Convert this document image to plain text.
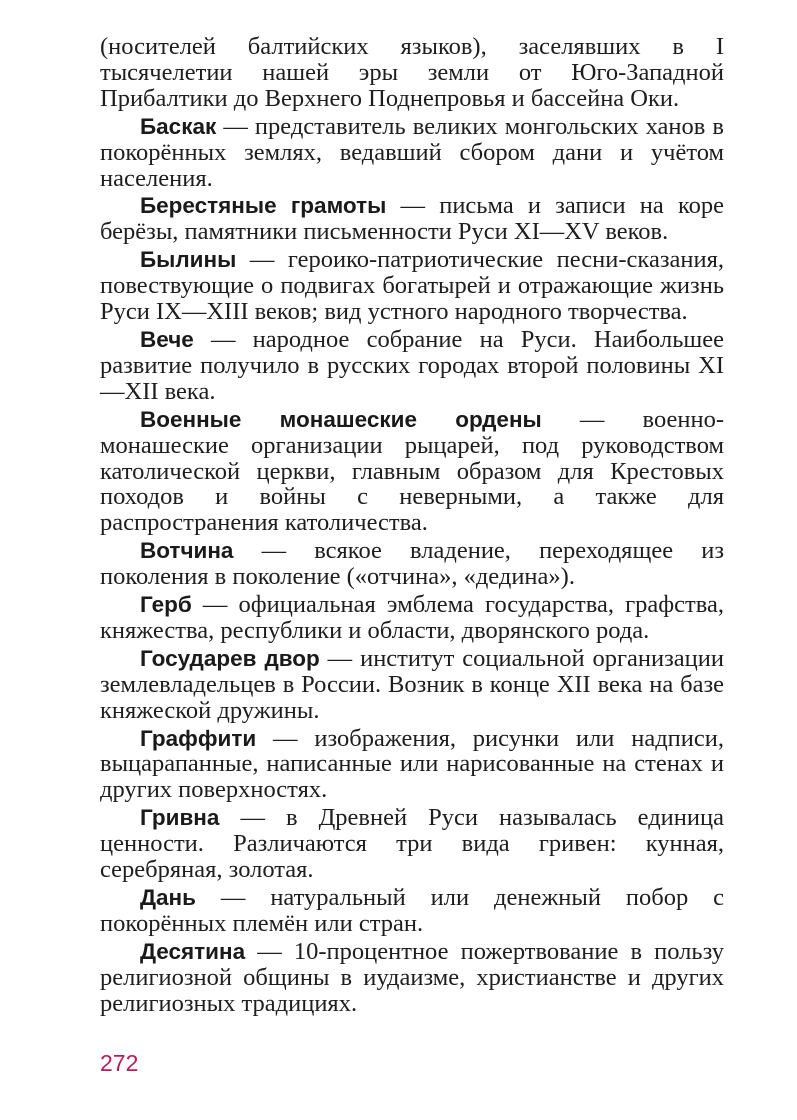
(носителей балтийских языков), заселявших в I тысячелетии нашей эры земли от Юго-Западной Прибалтики до Верхнего Поднепровья и бассейна Оки.

Баскак — представитель великих монгольских ханов в покорённых землях, ведавший сбором дани и учётом населения.

Берестяные грамоты — письма и записи на коре берёзы, памятники письменности Руси XI—XV веков.

Былины — героико-патриотические песни-сказания, повествующие о подвигах богатырей и отражающие жизнь Руси IX—XIII веков; вид устного народного творчества.

Вече — народное собрание на Руси. Наибольшее развитие получило в русских городах второй половины XI—XII века.

Военные монашеские ордены — военно-монашеские организации рыцарей, под руководством католической церкви, главным образом для Крестовых походов и войны с неверными, а также для распространения католичества.

Вотчина — всякое владение, переходящее из поколения в поколение («отчина», «дедина»).

Герб — официальная эмблема государства, графства, княжества, республики и области, дворянского рода.

Государев двор — институт социальной организации землевладельцев в России. Возник в конце XII века на базе княжеской дружины.

Граффити — изображения, рисунки или надписи, выцарапанные, написанные или нарисованные на стенах и других поверхностях.

Гривна — в Древней Руси называлась единица ценности. Различаются три вида гривен: кунная, серебряная, золотая.

Дань — натуральный или денежный побор с покорённых племён или стран.

Десятина — 10-процентное пожертвование в пользу религиозной общины в иудаизме, христианстве и других религиозных традициях.

272
